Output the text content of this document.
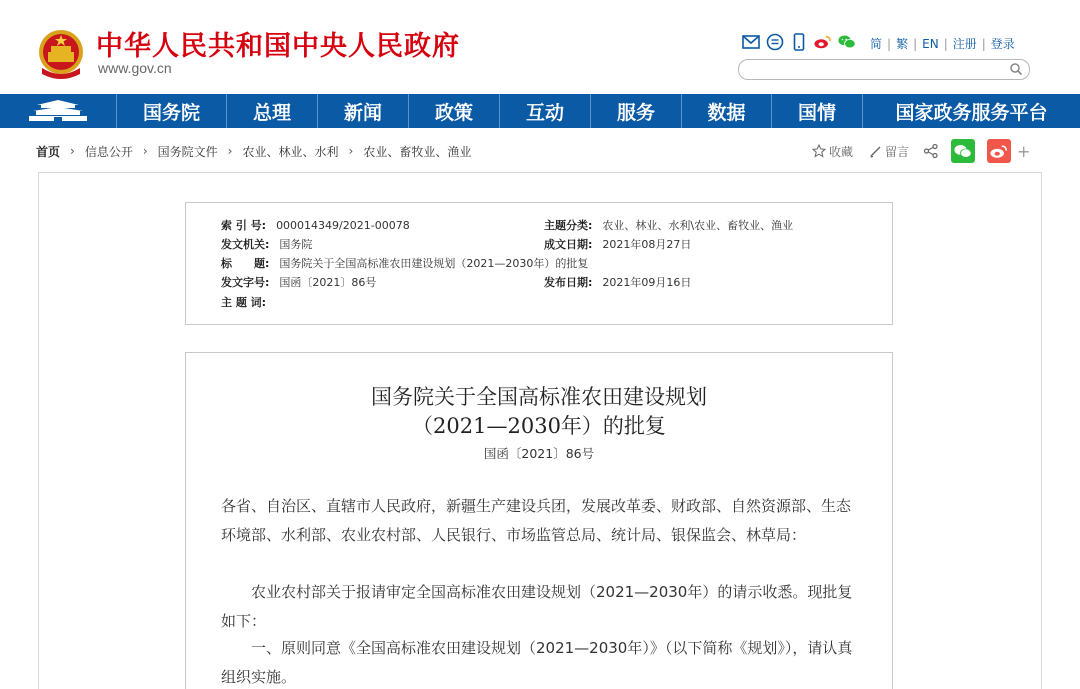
中华人民共和国中央人民政府
www.gov.cn
简 | 繁 | EN | 注册 | 登录
国务院	总理	新闻	政策	互动	服务	数据	国情	国家政务服务平台
首页 › 信息公开 › 国务院文件 › 农业、林业、水利 › 农业、畜牧业、渔业	收藏	留言	+
索 引 号: 000014349/2021-00078	主题分类: 农业、林业、水利\农业、畜牧业、渔业
发文机关: 国务院	成文日期: 2021年08月27日
标　　题: 国务院关于全国高标准农田建设规划（2021—2030年）的批复
发文字号: 国函〔2021〕86号	发布日期: 2021年09月16日
主 题 词:
国务院关于全国高标准农田建设规划
（2021—2030年）的批复
国函〔2021〕86号
各省、自治区、直辖市人民政府，新疆生产建设兵团，发展改革委、财政部、自然资源部、生态环境部、水利部、农业农村部、人民银行、市场监管总局、统计局、银保监会、林草局：
农业农村部关于报请审定全国高标准农田建设规划（2021—2030年）的请示收悉。现批复如下：
一、原则同意《全国高标准农田建设规划（2021—2030年）》（以下简称《规划》），请认真组织实施。
